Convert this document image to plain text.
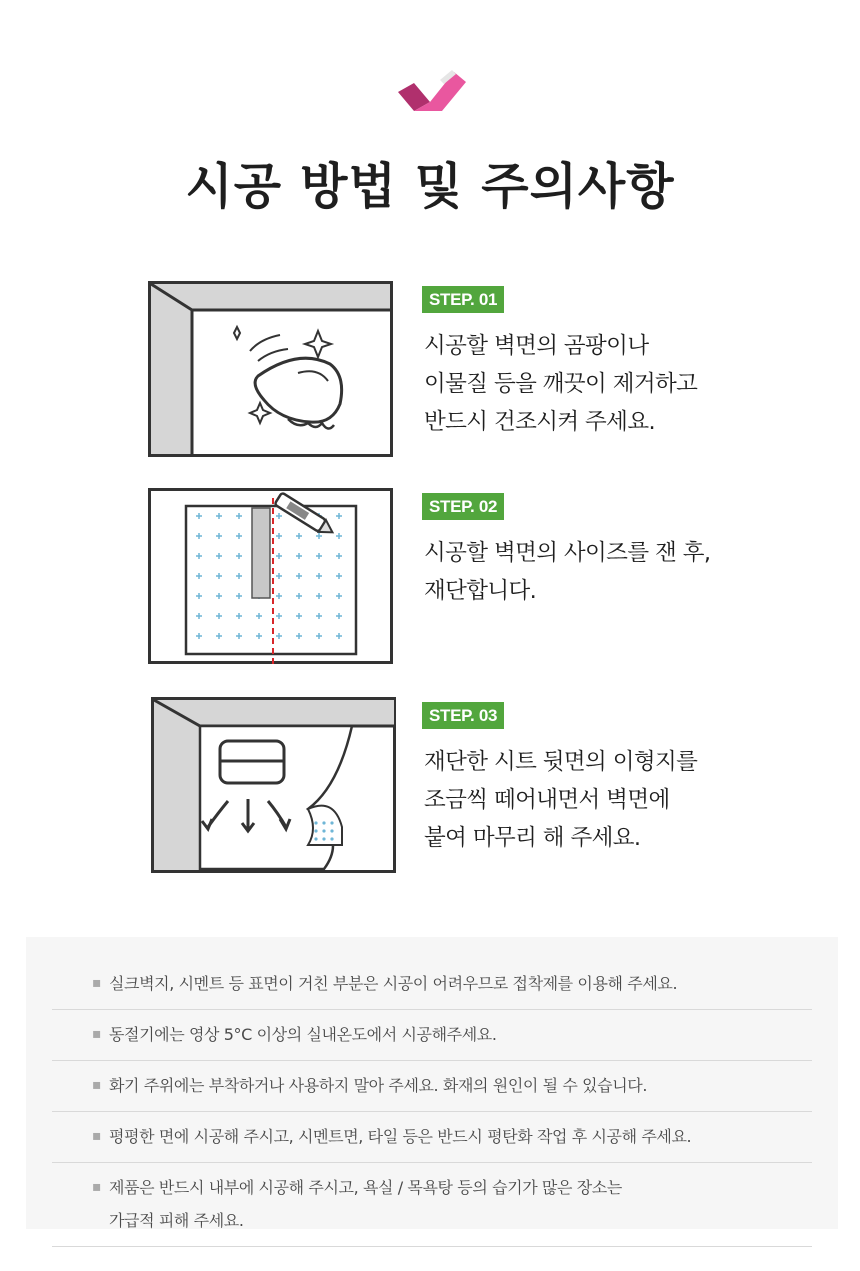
시공 방법 및 주의사항
STEP. 01
시공할 벽면의 곰팡이나
이물질 등을 깨끗이 제거하고
반드시 건조시켜 주세요.
STEP. 02
시공할 벽면의 사이즈를 잰 후,
재단합니다.
STEP. 03
재단한 시트 뒷면의 이형지를
조금씩 떼어내면서 벽면에
붙여 마무리 해 주세요.
▪ 실크벽지, 시멘트 등 표면이 거친 부분은 시공이 어려우므로 접착제를 이용해 주세요.
▪ 동절기에는 영상 5°C 이상의 실내온도에서 시공해주세요.
▪ 화기 주위에는 부착하거나 사용하지 말아 주세요. 화재의 원인이 될 수 있습니다.
▪ 평평한 면에 시공해 주시고, 시멘트면, 타일 등은 반드시 평탄화 작업 후 시공해 주세요.
▪ 제품은 반드시 내부에 시공해 주시고, 욕실 / 목욕탕 등의 습기가 많은 장소는
가급적 피해 주세요.
